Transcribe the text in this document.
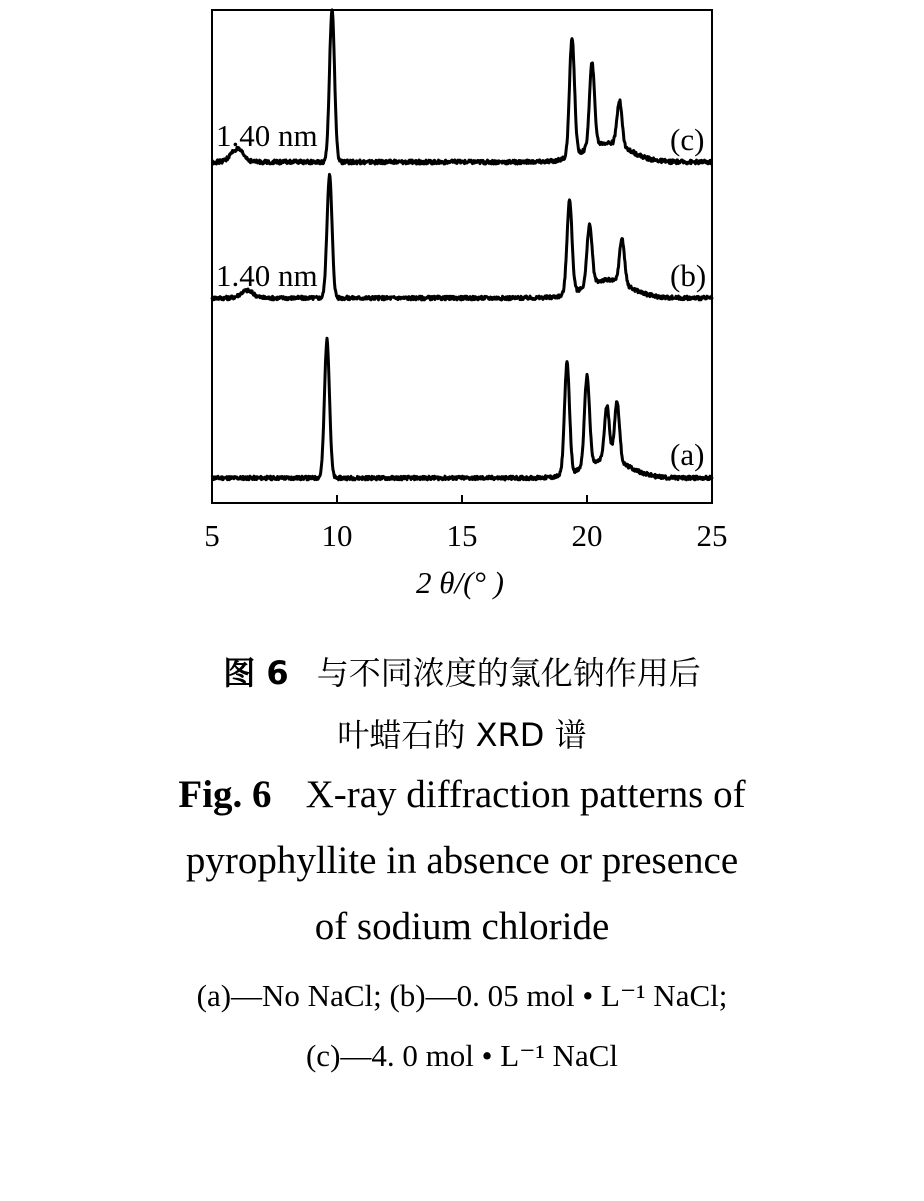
5	10	15	20	25
1.40 nm
1.40 nm
(c)
(b)
(a)
2 θ/(° )
图 6 与不同浓度的氯化钠作用后
叶蜡石的 XRD 谱
Fig. 6 X-ray diffraction patterns of
pyrophyllite in absence or presence
of sodium chloride
(a)—No NaCl; (b)—0. 05 mol • L⁻¹ NaCl;
(c)—4. 0 mol • L⁻¹ NaCl
